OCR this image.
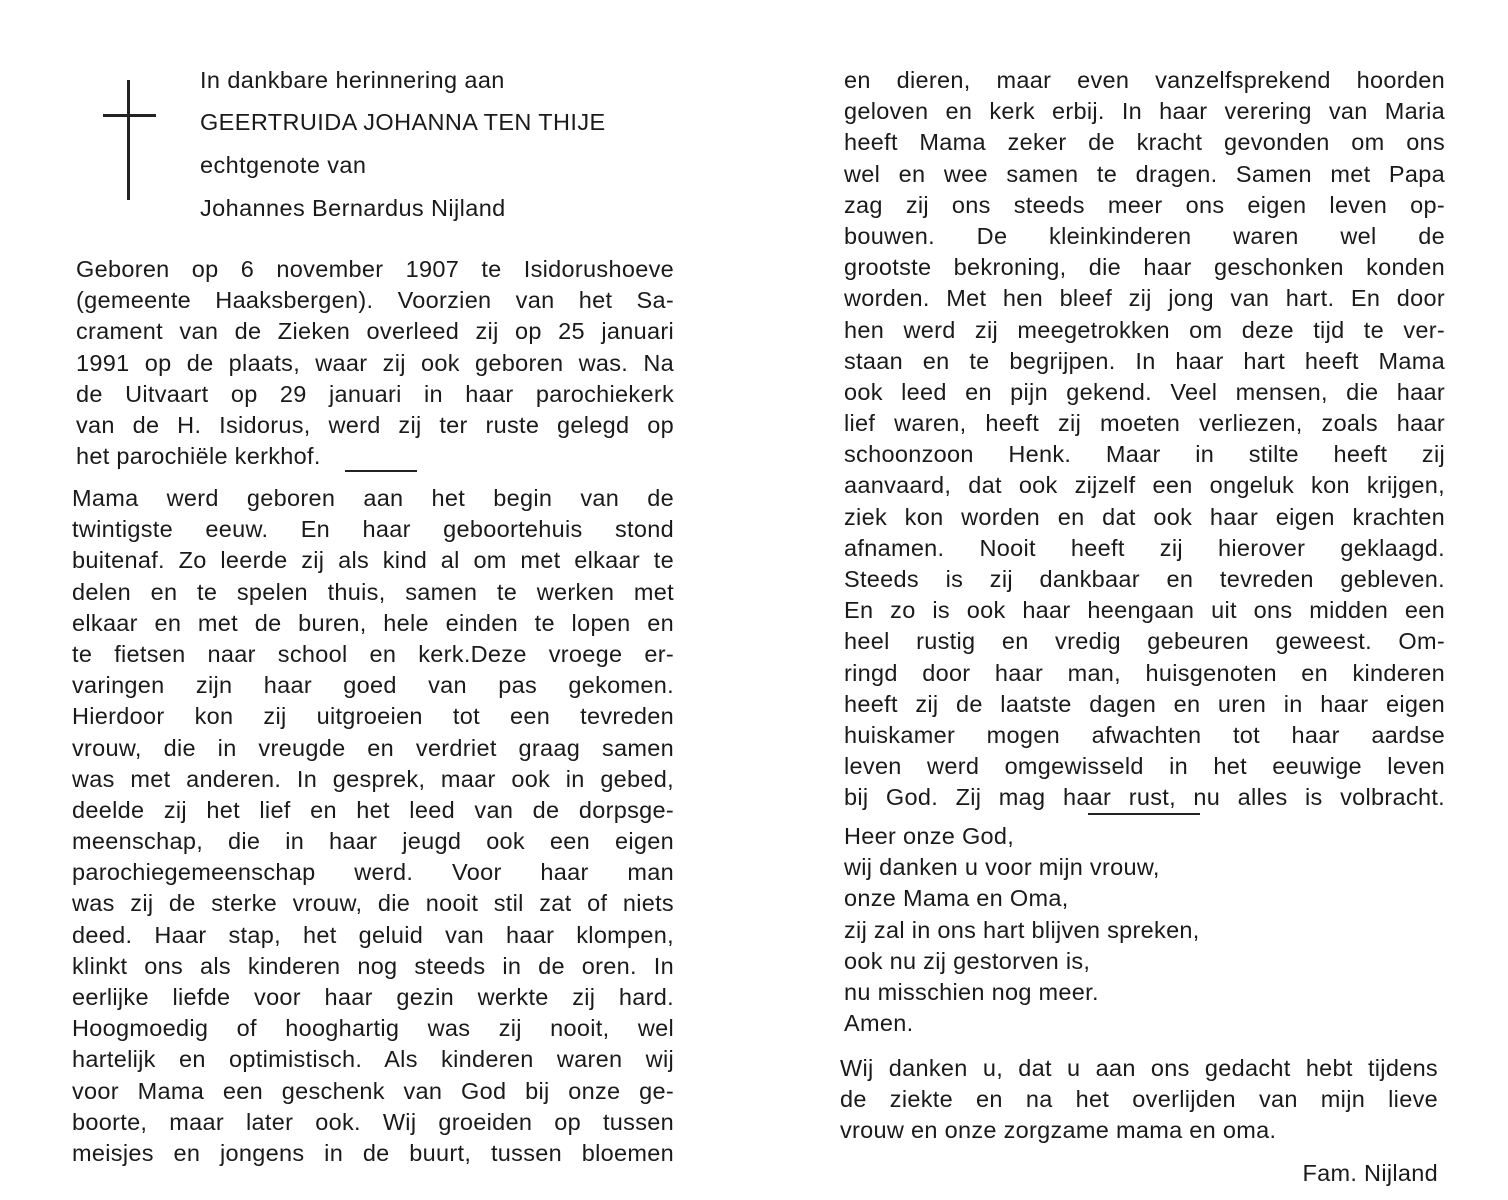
In dankbare herinnering aan
GEERTRUIDA JOHANNA TEN THIJE
echtgenote van
Johannes Bernardus Nijland
Geboren op 6 november 1907 te Isidorushoeve
(gemeente Haaksbergen). Voorzien van het Sa-
crament van de Zieken overleed zij op 25 januari
1991 op de plaats, waar zij ook geboren was. Na
de Uitvaart op 29 januari in haar parochiekerk
van de H. Isidorus, werd zij ter ruste gelegd op
het parochiële kerkhof.
Mama werd geboren aan het begin van de
twintigste eeuw. En haar geboortehuis stond
buitenaf. Zo leerde zij als kind al om met elkaar te
delen en te spelen thuis, samen te werken met
elkaar en met de buren, hele einden te lopen en
te fietsen naar school en kerk.Deze vroege er-
varingen zijn haar goed van pas gekomen.
Hierdoor kon zij uitgroeien tot een tevreden
vrouw, die in vreugde en verdriet graag samen
was met anderen. In gesprek, maar ook in gebed,
deelde zij het lief en het leed van de dorpsge-
meenschap, die in haar jeugd ook een eigen
parochiegemeenschap werd. Voor haar man
was zij de sterke vrouw, die nooit stil zat of niets
deed. Haar stap, het geluid van haar klompen,
klinkt ons als kinderen nog steeds in de oren. In
eerlijke liefde voor haar gezin werkte zij hard.
Hoogmoedig of hooghartig was zij nooit, wel
hartelijk en optimistisch. Als kinderen waren wij
voor Mama een geschenk van God bij onze ge-
boorte, maar later ook. Wij groeiden op tussen
meisjes en jongens in de buurt, tussen bloemen
en dieren, maar even vanzelfsprekend hoorden
geloven en kerk erbij. In haar verering van Maria
heeft Mama zeker de kracht gevonden om ons
wel en wee samen te dragen. Samen met Papa
zag zij ons steeds meer ons eigen leven op-
bouwen. De kleinkinderen waren wel de
grootste bekroning, die haar geschonken konden
worden. Met hen bleef zij jong van hart. En door
hen werd zij meegetrokken om deze tijd te ver-
staan en te begrijpen. In haar hart heeft Mama
ook leed en pijn gekend. Veel mensen, die haar
lief waren, heeft zij moeten verliezen, zoals haar
schoonzoon Henk. Maar in stilte heeft zij
aanvaard, dat ook zijzelf een ongeluk kon krijgen,
ziek kon worden en dat ook haar eigen krachten
afnamen. Nooit heeft zij hierover geklaagd.
Steeds is zij dankbaar en tevreden gebleven.
En zo is ook haar heengaan uit ons midden een
heel rustig en vredig gebeuren geweest. Om-
ringd door haar man, huisgenoten en kinderen
heeft zij de laatste dagen en uren in haar eigen
huiskamer mogen afwachten tot haar aardse
leven werd omgewisseld in het eeuwige leven
bij God. Zij mag haar rust, nu alles is volbracht.
Heer onze God,
wij danken u voor mijn vrouw,
onze Mama en Oma,
zij zal in ons hart blijven spreken,
ook nu zij gestorven is,
nu misschien nog meer.
Amen.
Wij danken u, dat u aan ons gedacht hebt tijdens
de ziekte en na het overlijden van mijn lieve
vrouw en onze zorgzame mama en oma.
Fam. Nijland
